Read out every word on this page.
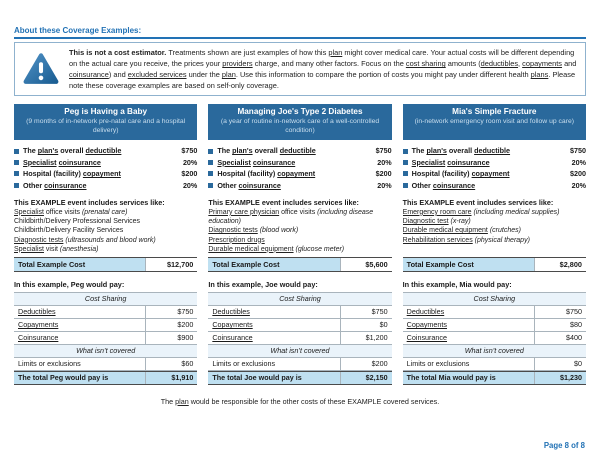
About these Coverage Examples:
This is not a cost estimator. Treatments shown are just examples of how this plan might cover medical care. Your actual costs will be different depending on the actual care you receive, the prices your providers charge, and many other factors. Focus on the cost sharing amounts (deductibles, copayments and coinsurance) and excluded services under the plan. Use this information to compare the portion of costs you might pay under different health plans. Please note these coverage examples are based on self-only coverage.
Peg is Having a Baby
(9 months of in-network pre-natal care and a hospital delivery)
The plan's overall deductible	$750
Specialist coinsurance	20%
Hospital (facility) copayment	$200
Other coinsurance	20%
This EXAMPLE event includes services like:
Specialist office visits (prenatal care)
Childbirth/Delivery Professional Services
Childbirth/Delivery Facility Services
Diagnostic tests (ultrasounds and blood work)
Specialist visit (anesthesia)
Total Example Cost	$12,700
In this example, Peg would pay:
Cost Sharing
Deductibles	$750
Copayments	$200
Coinsurance	$900
What isn’t covered
Limits or exclusions	$60
The total Peg would pay is	$1,910
Managing Joe's Type 2 Diabetes
(a year of routine in-network care of a well-controlled condition)
The plan's overall deductible	$750
Specialist coinsurance	20%
Hospital (facility) copayment	$200
Other coinsurance	20%
This EXAMPLE event includes services like:
Primary care physician office visits (including disease education)
Diagnostic tests (blood work)
Prescription drugs
Durable medical equipment (glucose meter)
Total Example Cost	$5,600
In this example, Joe would pay:
Cost Sharing
Deductibles	$750
Copayments	$0
Coinsurance	$1,200
What isn’t covered
Limits or exclusions	$200
The total Joe would pay is	$2,150
Mia's Simple Fracture
(in-network emergency room visit and follow up care)
The plan's overall deductible	$750
Specialist coinsurance	20%
Hospital (facility) copayment	$200
Other coinsurance	20%
This EXAMPLE event includes services like:
Emergency room care (including medical supplies)
Diagnostic test (x-ray)
Durable medical equipment (crutches)
Rehabilitation services (physical therapy)
Total Example Cost	$2,800
In this example, Mia would pay:
Cost Sharing
Deductibles	$750
Copayments	$80
Coinsurance	$400
What isn’t covered
Limits or exclusions	$0
The total Mia would pay is	$1,230
The plan would be responsible for the other costs of these EXAMPLE covered services.
Page 8 of 8
